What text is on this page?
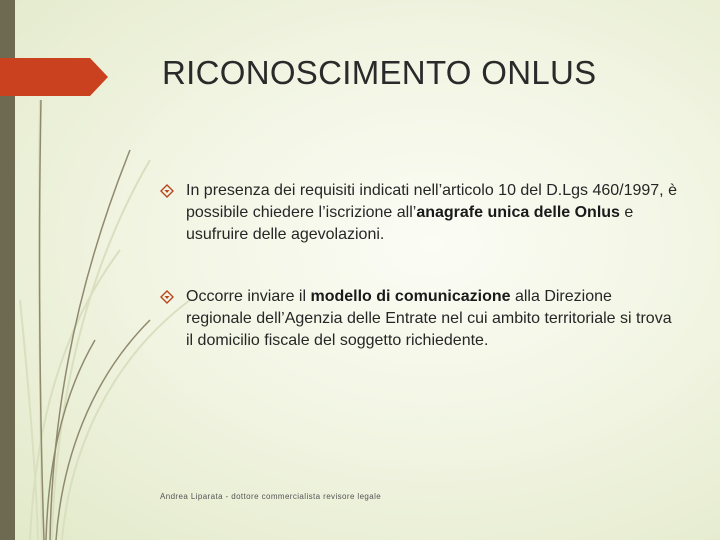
RICONOSCIMENTO ONLUS
In presenza dei requisiti indicati nell’articolo 10 del D.Lgs 460/1997, è possibile chiedere l’iscrizione all’anagrafe unica delle Onlus e usufruire delle agevolazioni.
Occorre inviare il modello di comunicazione alla Direzione regionale dell’Agenzia delle Entrate nel cui ambito territoriale si trova il domicilio fiscale del soggetto richiedente.
Andrea Liparata - dottore commercialista revisore legale
